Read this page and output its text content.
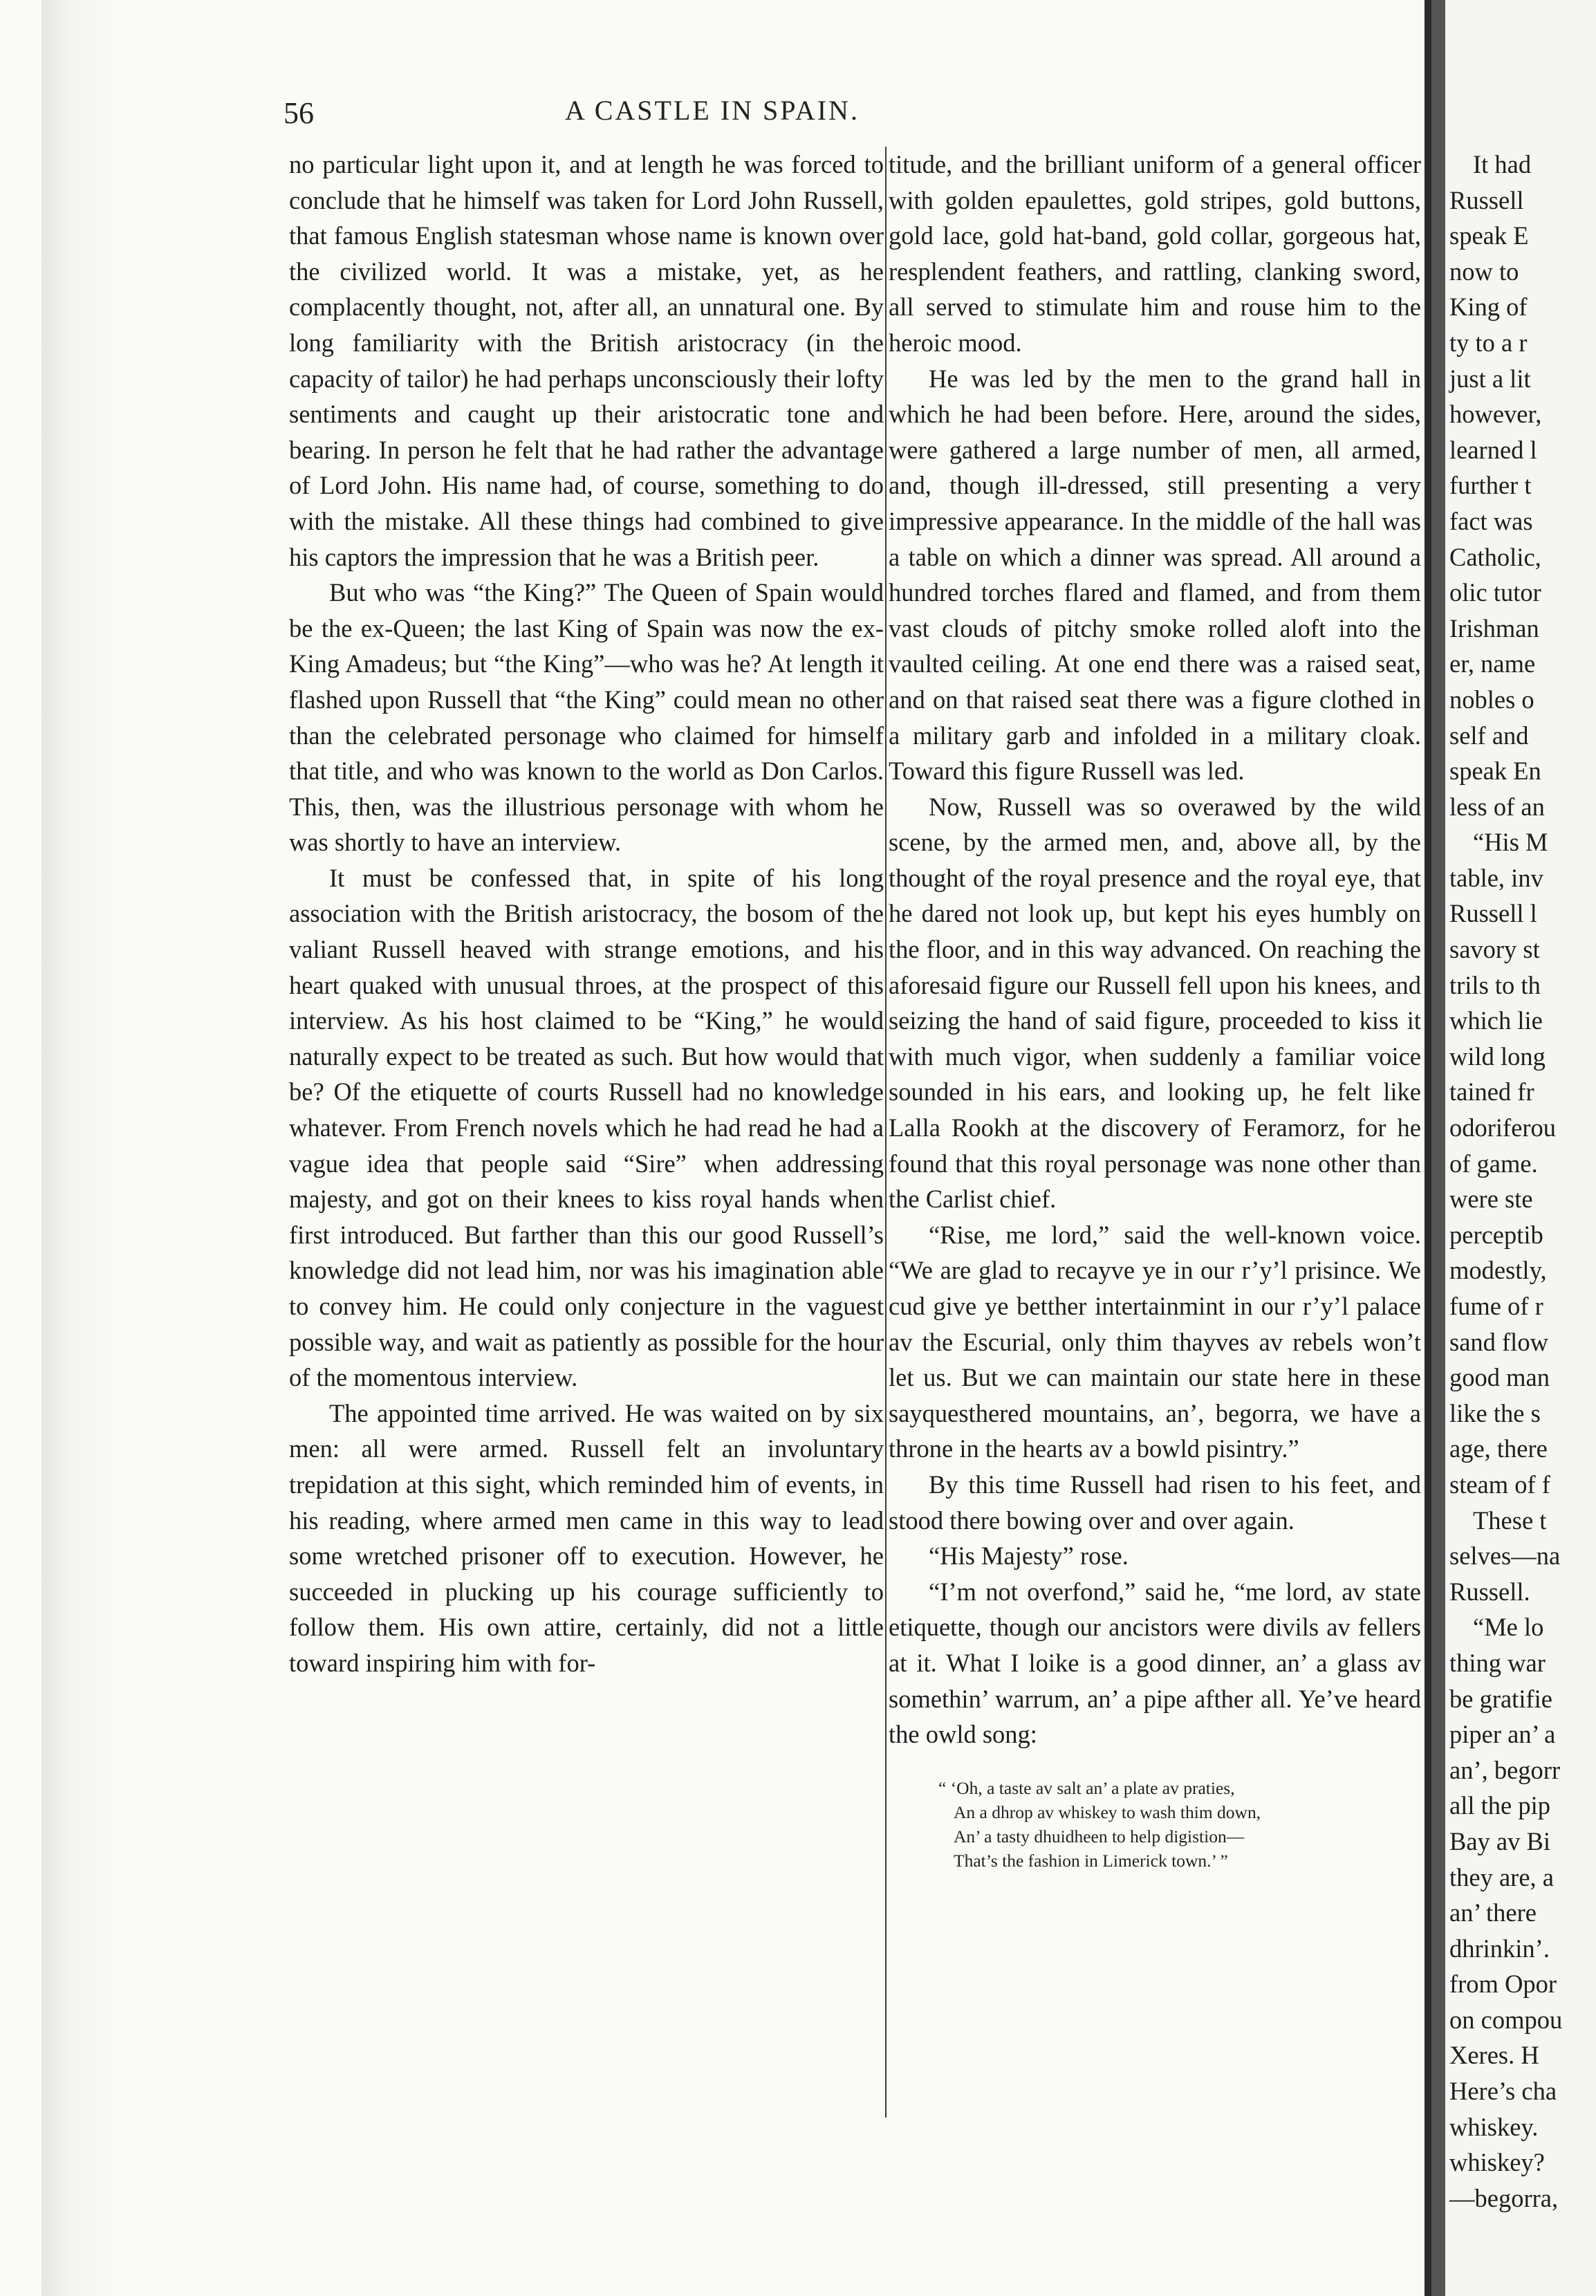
56	A CASTLE IN SPAIN.

no particular light upon it, and at length he was forced to conclude that he himself was taken for Lord John Russell, that famous English statesman whose name is known over the civilized world. It was a mistake, yet, as he complacently thought, not, after all, an unnatural one. By long familiarity with the British aristocracy (in the capacity of tailor) he had perhaps unconsciously their lofty sentiments and caught up their aristocratic tone and bearing. In person he felt that he had rather the advantage of Lord John. His name had, of course, something to do with the mistake. All these things had combined to give his captors the impression that he was a British peer.

But who was “the King?” The Queen of Spain would be the ex-Queen; the last King of Spain was now the ex-King Amadeus; but “the King”—who was he? At length it flashed upon Russell that “the King” could mean no other than the celebrated personage who claimed for himself that title, and who was known to the world as Don Carlos. This, then, was the illustrious personage with whom he was shortly to have an interview.

It must be confessed that, in spite of his long association with the British aristocracy, the bosom of the valiant Russell heaved with strange emotions, and his heart quaked with unusual throes, at the prospect of this interview. As his host claimed to be “King,” he would naturally expect to be treated as such. But how would that be? Of the etiquette of courts Russell had no knowledge whatever. From French novels which he had read he had a vague idea that people said “Sire” when addressing majesty, and got on their knees to kiss royal hands when first introduced. But farther than this our good Russell’s knowledge did not lead him, nor was his imagination able to convey him. He could only conjecture in the vaguest possible way, and wait as patiently as possible for the hour of the momentous interview.

The appointed time arrived. He was waited on by six men: all were armed. Russell felt an involuntary trepidation at this sight, which reminded him of events, in his reading, where armed men came in this way to lead some wretched prisoner off to execution. However, he succeeded in plucking up his courage sufficiently to follow them. His own attire, certainly, did not a little toward inspiring him with for-

titude, and the brilliant uniform of a general officer with golden epaulettes, gold stripes, gold buttons, gold lace, gold hat-band, gold collar, gorgeous hat, resplendent feathers, and rattling, clanking sword, all served to stimulate him and rouse him to the heroic mood.

He was led by the men to the grand hall in which he had been before. Here, around the sides, were gathered a large number of men, all armed, and, though ill-dressed, still presenting a very impressive appearance. In the middle of the hall was a table on which a dinner was spread. All around a hundred torches flared and flamed, and from them vast clouds of pitchy smoke rolled aloft into the vaulted ceiling. At one end there was a raised seat, and on that raised seat there was a figure clothed in a military garb and infolded in a military cloak. Toward this figure Russell was led.

Now, Russell was so overawed by the wild scene, by the armed men, and, above all, by the thought of the royal presence and the royal eye, that he dared not look up, but kept his eyes humbly on the floor, and in this way advanced. On reaching the aforesaid figure our Russell fell upon his knees, and seizing the hand of said figure, proceeded to kiss it with much vigor, when suddenly a familiar voice sounded in his ears, and looking up, he felt like Lalla Rookh at the discovery of Feramorz, for he found that this royal personage was none other than the Carlist chief.

“Rise, me lord,” said the well-known voice. “We are glad to recayve ye in our r’y’l prisince. We cud give ye betther intertainmint in our r’y’l palace av the Escurial, only thim thayves av rebels won’t let us. But we can maintain our state here in these sayquesthered mountains, an’, begorra, we have a throne in the hearts av a bowld pisintry.”

By this time Russell had risen to his feet, and stood there bowing over and over again.

“His Majesty” rose.

“I’m not overfond,” said he, “me lord, av state etiquette, though our ancistors were divils av fellers at it. What I loike is a good dinner, an’ a glass av somethin’ warrum, an’ a pipe afther all. Ye’ve heard the owld song:

“ ‘Oh, a taste av salt an’ a plate av praties,
An a dhrop av whiskey to wash thim down,
An’ a tasty dhuidheen to help digistion—
That’s the fashion in Limerick town.’ ”
It had
Russell
speak E
now to
King of
ty to a r
just a lit
however,
learned l
further t
fact was
Catholic,
olic tutor
Irishman
er, name
nobles o
self and
speak En
less of an
“His M
table, inv
Russell l
savory st
trils to th
which lie
wild long
tained fr
odoriferou
of game.
were ste
perceptib
modestly,
fume of r
sand flow
good man
like the s
age, there
steam of f
These t
selves—na
Russell.
“Me lo
thing war
be gratifie
piper an’ a
an’, begorr
all the pip
Bay av Bi
they are, a
an’ there
dhrinkin’.
from Opor
on compou
Xeres. H
Here’s cha
whiskey.
whiskey?
—begorra,
